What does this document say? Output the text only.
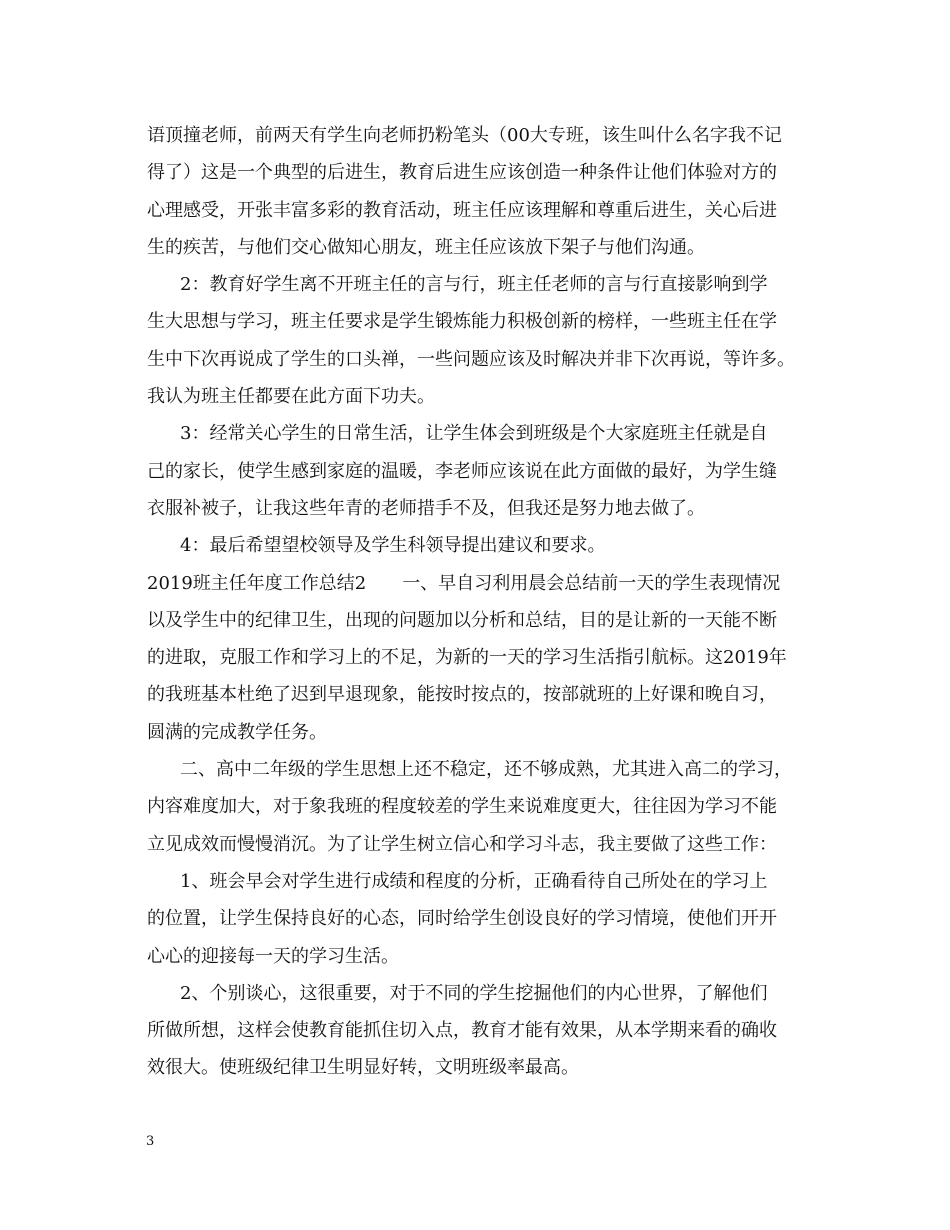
语顶撞老师，前两天有学生向老师扔粉笔头（00大专班，该生叫什么名字我不记
得了）这是一个典型的后进生，教育后进生应该创造一种条件让他们体验对方的
心理感受，开张丰富多彩的教育活动，班主任应该理解和尊重后进生，关心后进
生的疾苦，与他们交心做知心朋友，班主任应该放下架子与他们沟通。
2：教育好学生离不开班主任的言与行，班主任老师的言与行直接影响到学
生大思想与学习，班主任要求是学生锻炼能力积极创新的榜样，一些班主任在学
生中下次再说成了学生的口头禅，一些问题应该及时解决并非下次再说，等许多。
我认为班主任都要在此方面下功夫。
3：经常关心学生的日常生活，让学生体会到班级是个大家庭班主任就是自
己的家长，使学生感到家庭的温暖，李老师应该说在此方面做的最好，为学生缝
衣服补被子，让我这些年青的老师措手不及，但我还是努力地去做了。
4：最后希望望校领导及学生科领导提出建议和要求。
2019班主任年度工作总结2　　一、早自习利用晨会总结前一天的学生表现情况
以及学生中的纪律卫生，出现的问题加以分析和总结，目的是让新的一天能不断
的进取，克服工作和学习上的不足，为新的一天的学习生活指引航标。这2019年
的我班基本杜绝了迟到早退现象，能按时按点的，按部就班的上好课和晚自习，
圆满的完成教学任务。
二、高中二年级的学生思想上还不稳定，还不够成熟，尤其进入高二的学习，
内容难度加大，对于象我班的程度较差的学生来说难度更大，往往因为学习不能
立见成效而慢慢消沉。为了让学生树立信心和学习斗志，我主要做了这些工作：
1、班会早会对学生进行成绩和程度的分析，正确看待自己所处在的学习上
的位置，让学生保持良好的心态，同时给学生创设良好的学习情境，使他们开开
心心的迎接每一天的学习生活。
2、个别谈心，这很重要，对于不同的学生挖掘他们的内心世界，了解他们
所做所想，这样会使教育能抓住切入点，教育才能有效果，从本学期来看的确收
效很大。使班级纪律卫生明显好转，文明班级率最高。
3
